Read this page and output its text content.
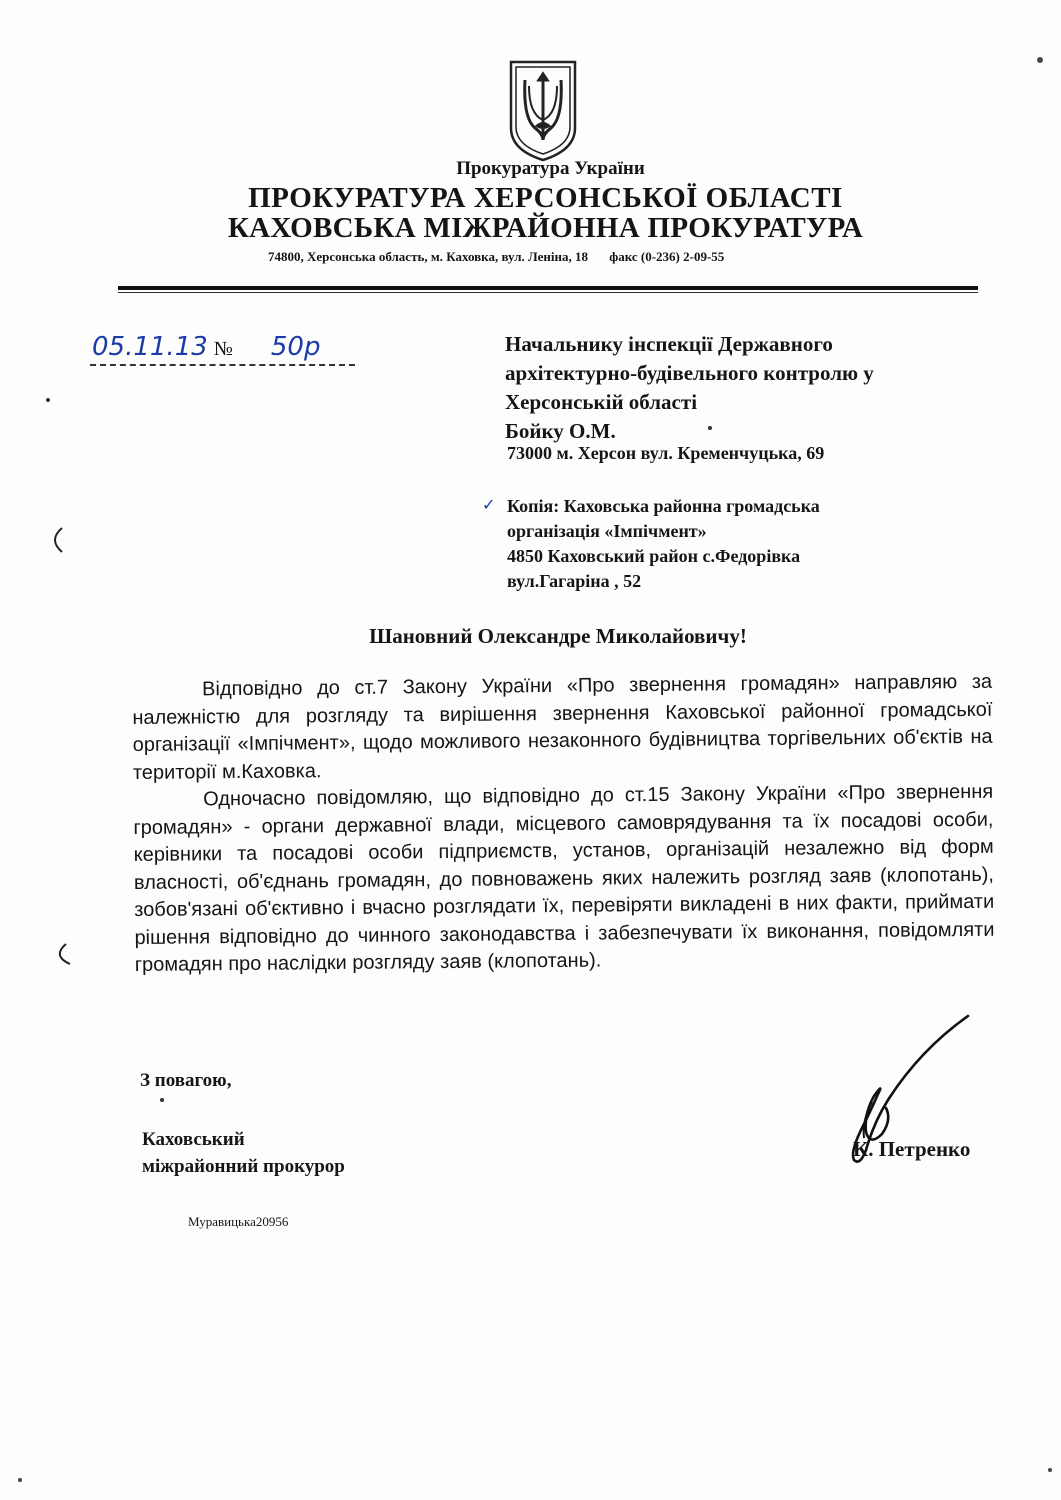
Прокуратура України
ПРОКУРАТУРА ХЕРСОНСЬКОЇ ОБЛАСТІ
КАХОВСЬКА МІЖРАЙОННА ПРОКУРАТУРА
74800, Херсонська область, м. Каховка, вул. Леніна, 18 факс (0-236) 2-09-55
05.11.13 № 50р	Начальнику інспекції Державного
архітектурно-будівельного контролю у
Херсонській області
Бойку О.М.
73000 м. Херсон вул. Кременчуцька, 69
✓ Копія: Каховська районна громадська
організація «Імпічмент»
4850 Каховський район с.Федорівка
вул.Гагаріна , 52
Шановний Олександре Миколайовичу!

Відповідно до ст.7 Закону України «Про звернення громадян» направляю за належністю для розгляду та вирішення звернення Каховської районної громадської організації «Імпічмент», щодо можливого незаконного будівництва торгівельних об'єктів на території м.Каховка.

Одночасно повідомляю, що відповідно до ст.15 Закону України «Про звернення громадян» - органи державної влади, місцевого самоврядування та їх посадові особи, керівники та посадові особи підприємств, установ, організацій незалежно від форм власності, об'єднань громадян, до повноважень яких належить розгляд заяв (клопотань), зобов'язані об'єктивно і вчасно розглядати їх, перевіряти викладені в них факти, приймати рішення відповідно до чинного законодавства і забезпечувати їх виконання, повідомляти громадян про наслідки розгляду заяв (клопотань).

З повагою,
Каховський
міжрайонний прокурор
К. Петренко
Муравицька20956
